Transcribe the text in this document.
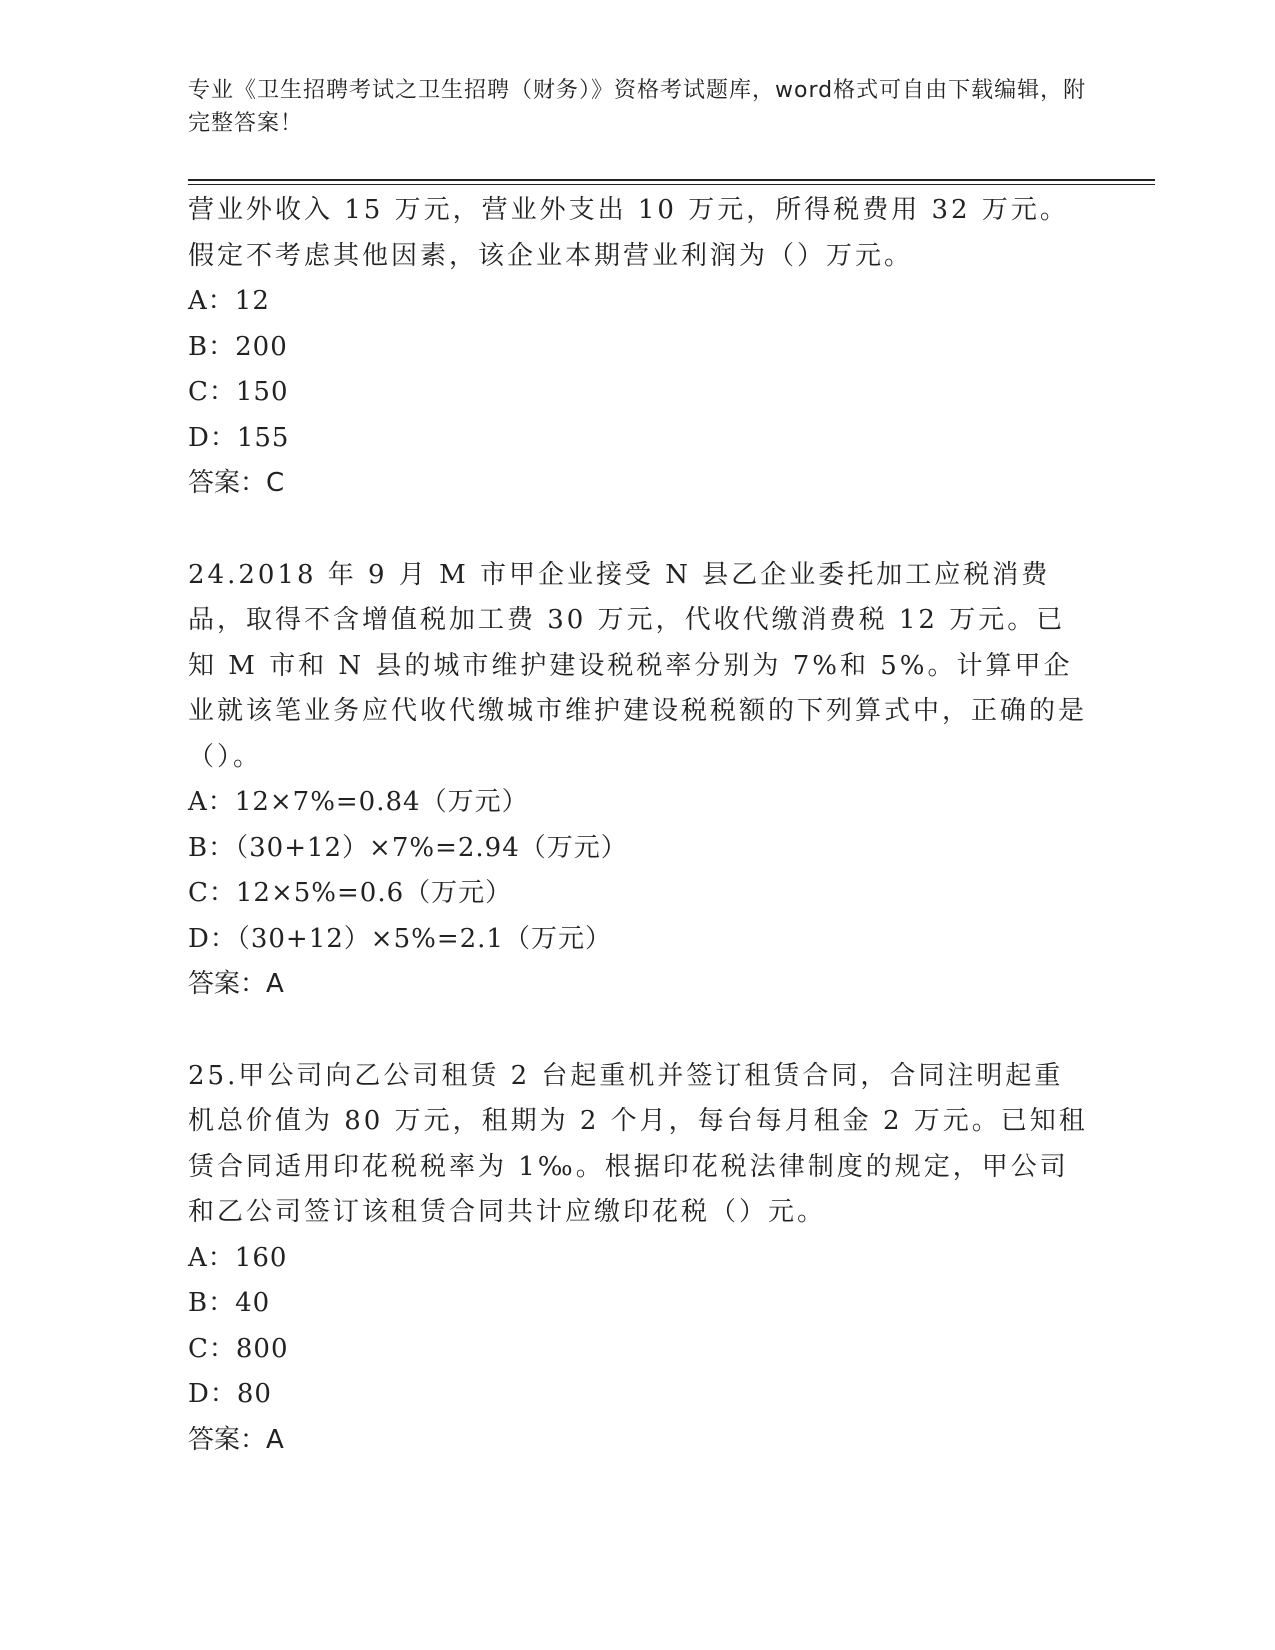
专业《卫生招聘考试之卫生招聘（财务）》资格考试题库，word格式可自由下载编辑，附完整答案！
营业外收入 15 万元，营业外支出 10 万元，所得税费用 32 万元。假定不考虑其他因素，该企业本期营业利润为（）万元。
A：12
B：200
C：150
D：155
答案：C
24.2018 年 9 月 M 市甲企业接受 N 县乙企业委托加工应税消费品，取得不含增值税加工费 30 万元，代收代缴消费税 12 万元。已知 M 市和 N 县的城市维护建设税税率分别为 7%和 5%。计算甲企业就该笔业务应代收代缴城市维护建设税税额的下列算式中，正确的是（）。
A：12×7%=0.84（万元）
B：（30+12）×7%=2.94（万元）
C：12×5%=0.6（万元）
D：（30+12）×5%=2.1（万元）
答案：A
25.甲公司向乙公司租赁 2 台起重机并签订租赁合同，合同注明起重机总价值为 80 万元，租期为 2 个月，每台每月租金 2 万元。已知租赁合同适用印花税税率为 1‰。根据印花税法律制度的规定，甲公司和乙公司签订该租赁合同共计应缴印花税（）元。
A：160
B：40
C：800
D：80
答案：A
